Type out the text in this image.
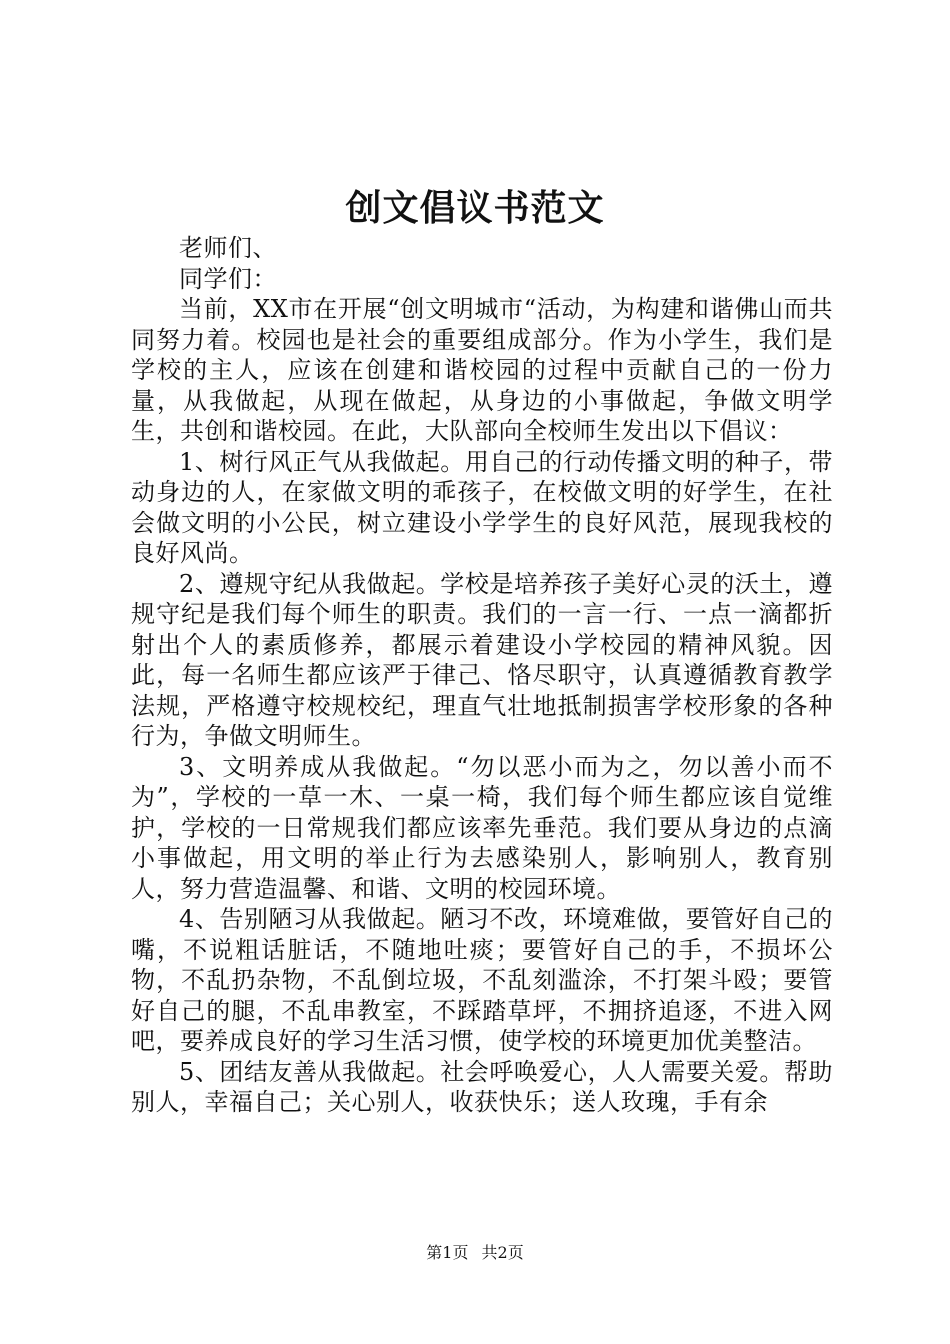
创文倡议书范文

老师们、

同学们：

当前，XX市在开展“创文明城市“活动，为构建和谐佛山而共同努力着。校园也是社会的重要组成部分。作为小学生，我们是学校的主人，应该在创建和谐校园的过程中贡献自己的一份力量，从我做起，从现在做起，从身边的小事做起，争做文明学生，共创和谐校园。在此，大队部向全校师生发出以下倡议：

1、树行风正气从我做起。用自己的行动传播文明的种子，带动身边的人，在家做文明的乖孩子，在校做文明的好学生，在社会做文明的小公民，树立建设小学学生的良好风范，展现我校的良好风尚。

2、遵规守纪从我做起。学校是培养孩子美好心灵的沃土，遵规守纪是我们每个师生的职责。我们的一言一行、一点一滴都折射出个人的素质修养，都展示着建设小学校园的精神风貌。因此，每一名师生都应该严于律己、恪尽职守，认真遵循教育教学法规，严格遵守校规校纪，理直气壮地抵制损害学校形象的各种行为，争做文明师生。

3、文明养成从我做起。“勿以恶小而为之，勿以善小而不为”，学校的一草一木、一桌一椅，我们每个师生都应该自觉维护，学校的一日常规我们都应该率先垂范。我们要从身边的点滴小事做起，用文明的举止行为去感染别人，影响别人，教育别人，努力营造温馨、和谐、文明的校园环境。

4、告别陋习从我做起。陋习不改，环境难做，要管好自己的嘴，不说粗话脏话，不随地吐痰；要管好自己的手，不损坏公物，不乱扔杂物，不乱倒垃圾，不乱刻滥涂，不打架斗殴；要管好自己的腿，不乱串教室，不踩踏草坪，不拥挤追逐，不进入网吧，要养成良好的学习生活习惯，使学校的环境更加优美整洁。

5、团结友善从我做起。社会呼唤爱心，人人需要关爱。帮助别人，幸福自己；关心别人，收获快乐；送人玫瑰，手有余

第1页 共2页
